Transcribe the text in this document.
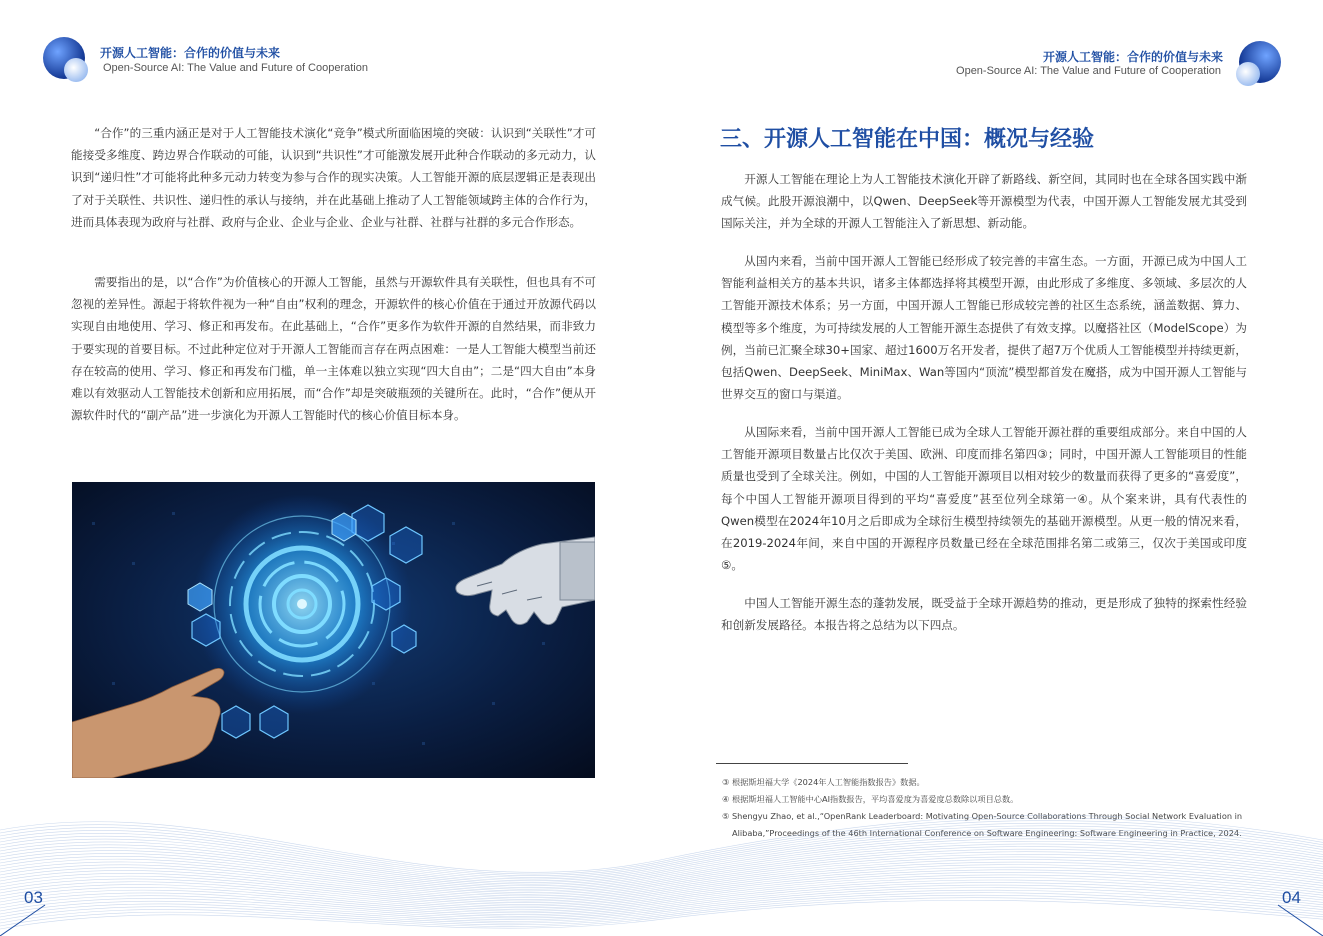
开源人工智能：合作的价值与未来
Open-Source AI: The Value and Future of Cooperation
开源人工智能：合作的价值与未来
Open-Source AI: The Value and Future of Cooperation
“合作”的三重内涵正是对于人工智能技术演化“竞争”模式所面临困境的突破：认识到“关联性”才可能接受多维度、跨边界合作联动的可能，认识到“共识性”才可能激发展开此种合作联动的多元动力，认识到“递归性”才可能将此种多元动力转变为参与合作的现实决策。人工智能开源的底层逻辑正是表现出了对于关联性、共识性、递归性的承认与接纳，并在此基础上推动了人工智能领域跨主体的合作行为，进而具体表现为政府与社群、政府与企业、企业与企业、企业与社群、社群与社群的多元合作形态。
需要指出的是，以“合作”为价值核心的开源人工智能，虽然与开源软件具有关联性，但也具有不可忽视的差异性。源起于将软件视为一种“自由”权利的理念，开源软件的核心价值在于通过开放源代码以实现自由地使用、学习、修正和再发布。在此基础上，“合作”更多作为软件开源的自然结果，而非致力于要实现的首要目标。不过此种定位对于开源人工智能而言存在两点困难：一是人工智能大模型当前还存在较高的使用、学习、修正和再发布门槛，单一主体难以独立实现“四大自由”；二是“四大自由”本身难以有效驱动人工智能技术创新和应用拓展，而“合作”却是突破瓶颈的关键所在。此时，“合作”便从开源软件时代的“副产品”进一步演化为开源人工智能时代的核心价值目标本身。
三、开源人工智能在中国：概况与经验
开源人工智能在理论上为人工智能技术演化开辟了新路线、新空间，其同时也在全球各国实践中渐成气候。此股开源浪潮中，以Qwen、DeepSeek等开源模型为代表，中国开源人工智能发展尤其受到国际关注，并为全球的开源人工智能注入了新思想、新动能。
从国内来看，当前中国开源人工智能已经形成了较完善的丰富生态。一方面，开源已成为中国人工智能利益相关方的基本共识，诸多主体都选择将其模型开源，由此形成了多维度、多领域、多层次的人工智能开源技术体系；另一方面，中国开源人工智能已形成较完善的社区生态系统，涵盖数据、算力、模型等多个维度，为可持续发展的人工智能开源生态提供了有效支撑。以魔搭社区（ModelScope）为例，当前已汇聚全球30+国家、超过1600万名开发者，提供了超7万个优质人工智能模型并持续更新，包括Qwen、DeepSeek、MiniMax、Wan等国内“顶流”模型都首发在魔搭，成为中国开源人工智能与世界交互的窗口与渠道。
从国际来看，当前中国开源人工智能已成为全球人工智能开源社群的重要组成部分。来自中国的人工智能开源项目数量占比仅次于美国、欧洲、印度而排名第四③；同时，中国开源人工智能项目的性能质量也受到了全球关注。例如，中国的人工智能开源项目以相对较少的数量而获得了更多的“喜爱度”，每个中国人工智能开源项目得到的平均“喜爱度”甚至位列全球第一④。从个案来讲，具有代表性的Qwen模型在2024年10月之后即成为全球衍生模型持续领先的基础开源模型。从更一般的情况来看，在2019-2024年间，来自中国的开源程序员数量已经在全球范围排名第二或第三，仅次于美国或印度⑤。
中国人工智能开源生态的蓬勃发展，既受益于全球开源趋势的推动，更是形成了独特的探索性经验和创新发展路径。本报告将之总结为以下四点。
③ 根据斯坦福大学《2024年人工智能指数报告》数据。
④ 根据斯坦福人工智能中心AI指数报告，平均喜爱度为喜爱度总数除以项目总数。
⑤ Shengyu Zhao, et al.,“OpenRank Leaderboard: Motivating Open-Source Collaborations Through Social Network Evaluation in
Alibaba,”Proceedings of the 46th International Conference on Software Engineering: Software Engineering in Practice, 2024.
03	04
